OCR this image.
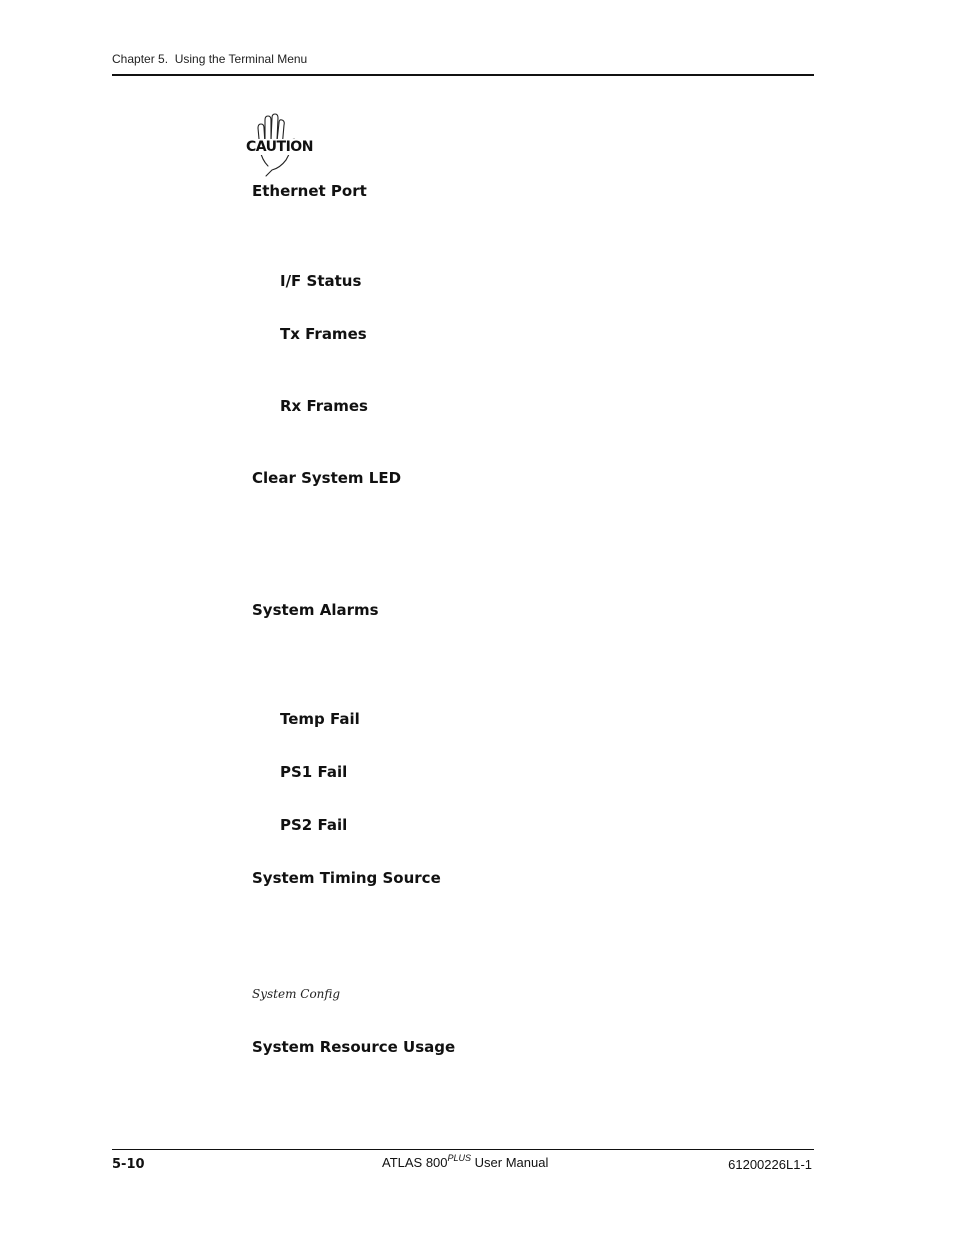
Chapter 5.  Using the Terminal Menu
CAUTION
Ethernet Port
I/F Status
Tx Frames
Rx Frames
Clear System LED
System Alarms
Temp Fail
PS1 Fail
PS2 Fail
System Timing Source
System Config
System Resource Usage
5-10	ATLAS $800^{PLUS}$ User Manual	61200226L1-1
